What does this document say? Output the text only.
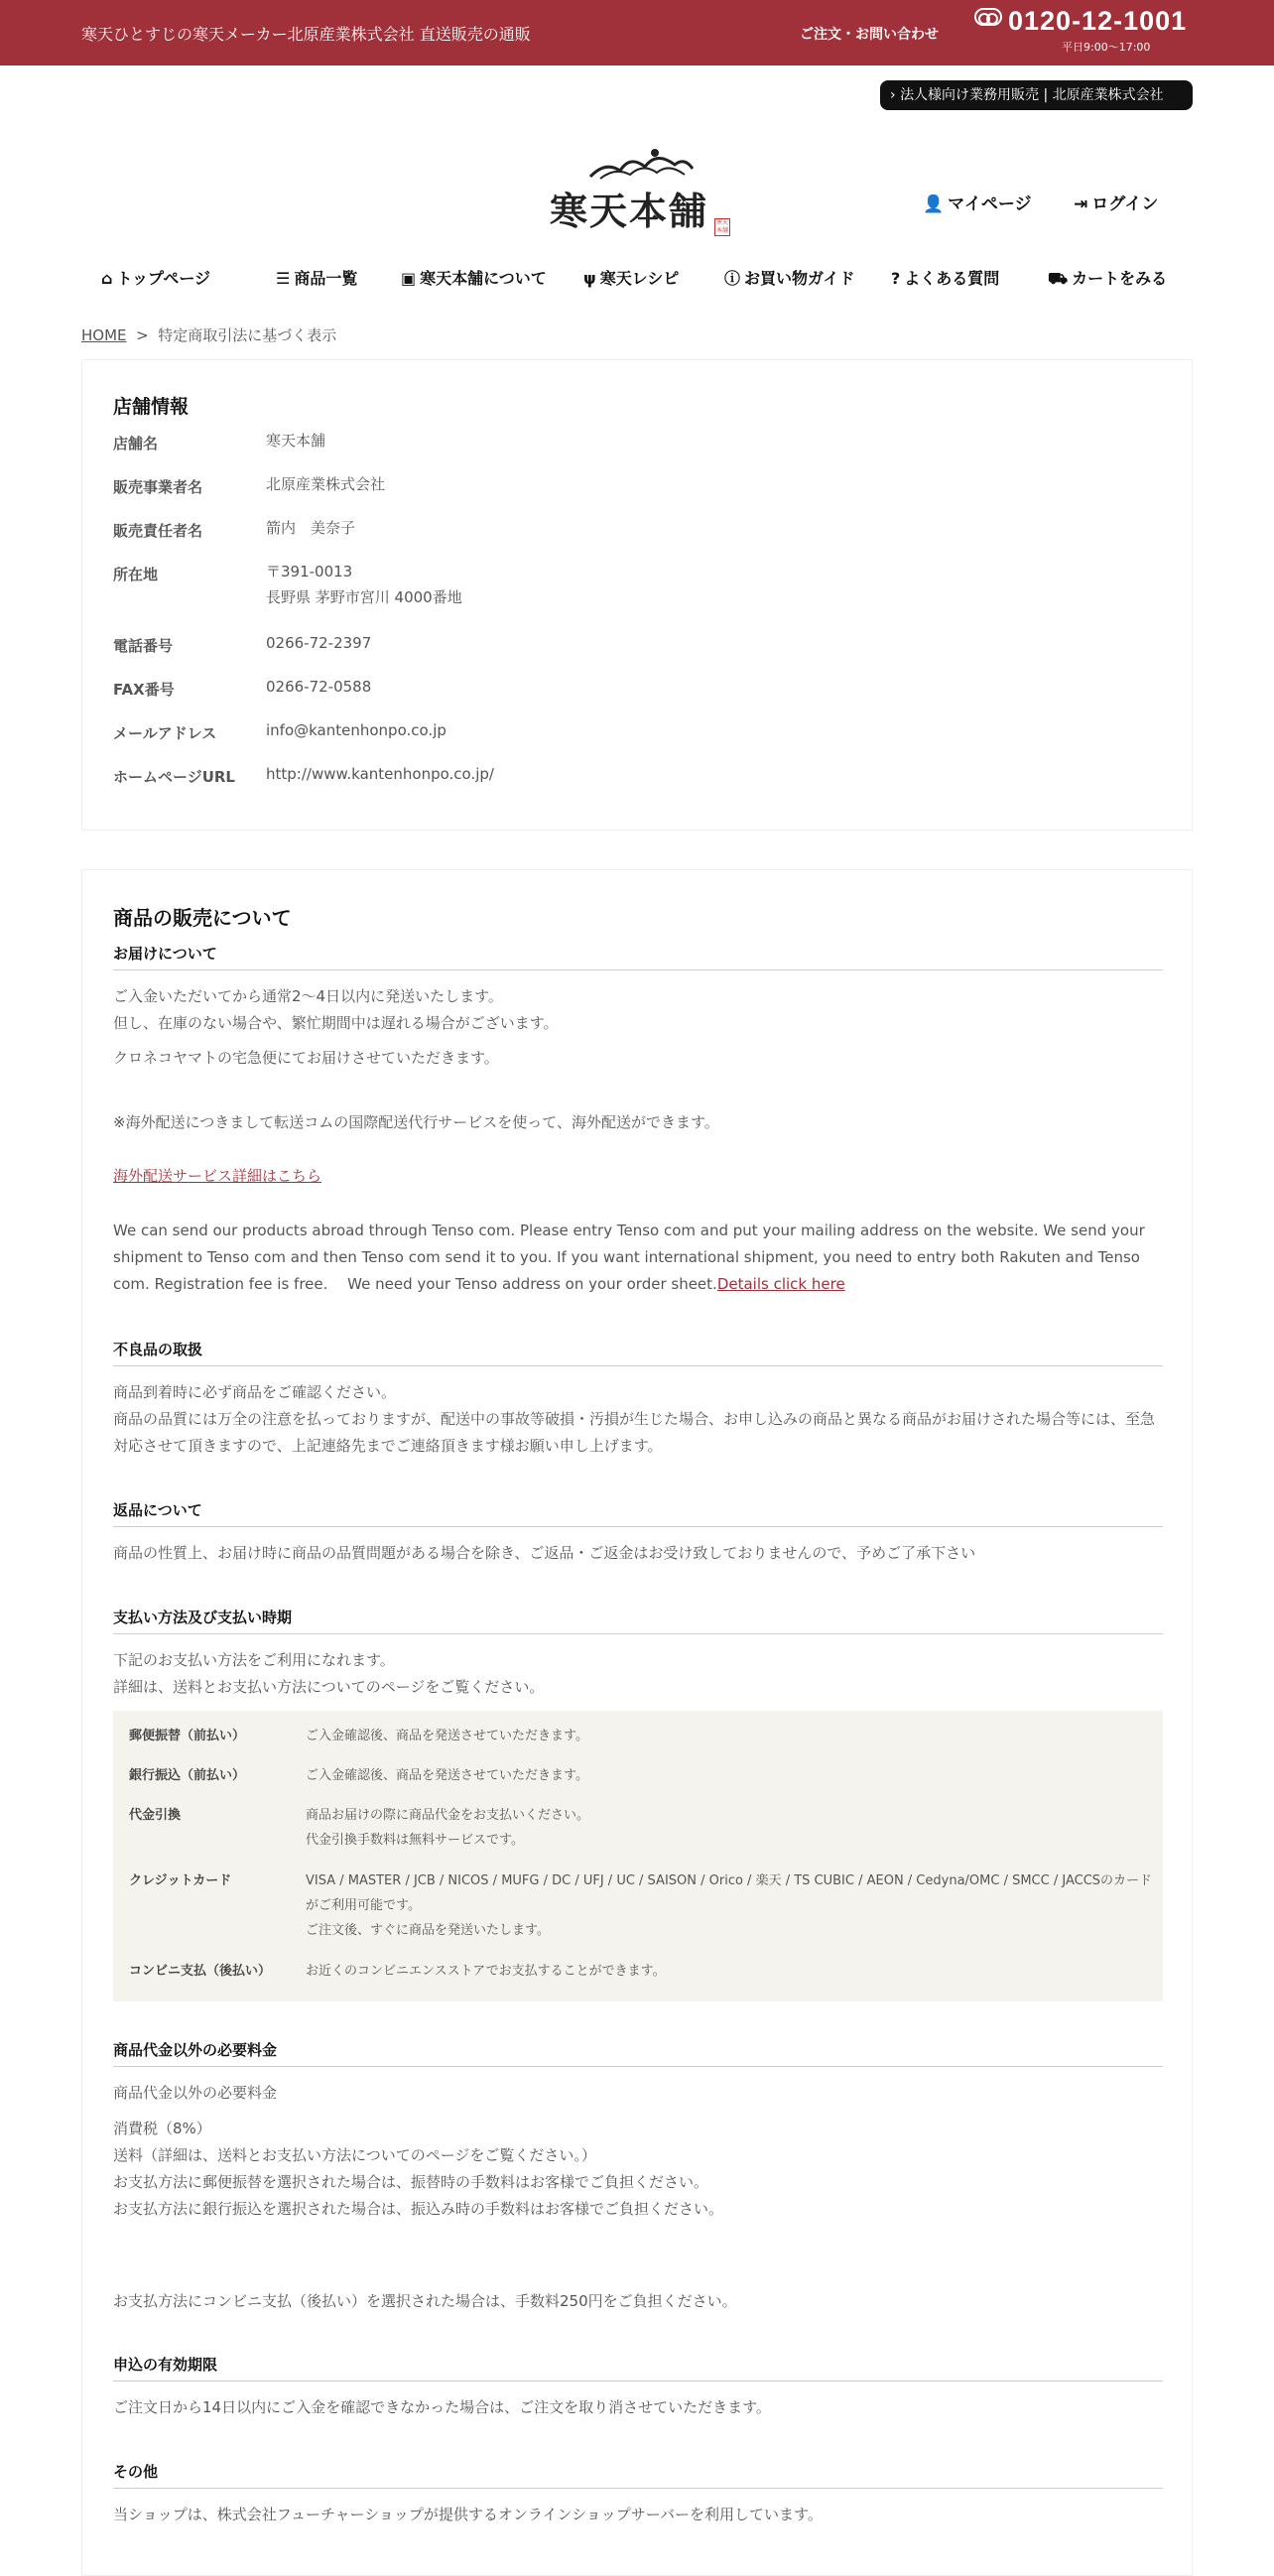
寒天ひとすじの寒天メーカー北原産業株式会社 直送販売の通販	ご注文・お問い合わせ	0120-12-1001
平日9:00〜17:00
› 法人様向け業務用販売 | 北原産業株式会社
寒天本舗	寒天本舗
👤 マイページ	⇥ ログイン
⌂ トップページ	☰ 商品一覧	▣ 寒天本舗について ψ 寒天レシピ	ⓘ お買い物ガイド ? よくある質問	⛟ カートをみる
HOME > 特定商取引法に基づく表示
店舗情報
店舗名	寒天本舗
販売事業者名	北原産業株式会社
販売責任者名	箭内　美奈子
所在地	〒391-0013
長野県 茅野市宮川 4000番地
電話番号	0266-72-2397
FAX番号	0266-72-0588
メールアドレス	info@kantenhonpo.co.jp
ホームページURL	http://www.kantenhonpo.co.jp/
商品の販売について
お届けについて
ご入金いただいてから通常2～4日以内に発送いたします。
但し、在庫のない場合や、繁忙期間中は遅れる場合がございます。
クロネコヤマトの宅急便にてお届けさせていただきます。
※海外配送につきまして転送コムの国際配送代行サービスを使って、海外配送ができます。
海外配送サービス詳細はこちら
We can send our products abroad through Tenso com. Please entry Tenso com and put your mailing address on the website. We send your shipment to Tenso com and then Tenso com send it to you. If you want international shipment, you need to entry both Rakuten and Tenso com. Registration fee is free.　 We need your Tenso address on your order sheet.Details click here
不良品の取扱
商品到着時に必ず商品をご確認ください。
商品の品質には万全の注意を払っておりますが、配送中の事故等破損・汚損が生じた場合、お申し込みの商品と異なる商品がお届けされた場合等には、至急対応させて頂きますので、上記連絡先までご連絡頂きます様お願い申し上げます。
返品について
商品の性質上、お届け時に商品の品質問題がある場合を除き、ご返品・ご返金はお受け致しておりませんので、予めご了承下さい
支払い方法及び支払い時期
下記のお支払い方法をご利用になれます。
詳細は、送料とお支払い方法についてのページをご覧ください。
郵便振替（前払い）	ご入金確認後、商品を発送させていただきます。
銀行振込（前払い）	ご入金確認後、商品を発送させていただきます。
代金引換	商品お届けの際に商品代金をお支払いください。
代金引換手数料は無料サービスです。
クレジットカード	VISA / MASTER / JCB / NICOS / MUFG / DC / UFJ / UC / SAISON / Orico / 楽天 / TS CUBIC / AEON / Cedyna/OMC / SMCC / JACCSのカードがご利用可能です。
ご注文後、すぐに商品を発送いたします。
コンビニ支払（後払い）	お近くのコンビニエンスストアでお支払することができます。
商品代金以外の必要料金
商品代金以外の必要料金
消費税（8%）
送料（詳細は、送料とお支払い方法についてのページをご覧ください。）
お支払方法に郵便振替を選択された場合は、振替時の手数料はお客様でご負担ください。
お支払方法に銀行振込を選択された場合は、振込み時の手数料はお客様でご負担ください。
お支払方法にコンビニ支払（後払い）を選択された場合は、手数料250円をご負担ください。
申込の有効期限
ご注文日から14日以内にご入金を確認できなかった場合は、ご注文を取り消させていただきます。
その他
当ショップは、株式会社フューチャーショップが提供するオンラインショップサーバーを利用しています。
